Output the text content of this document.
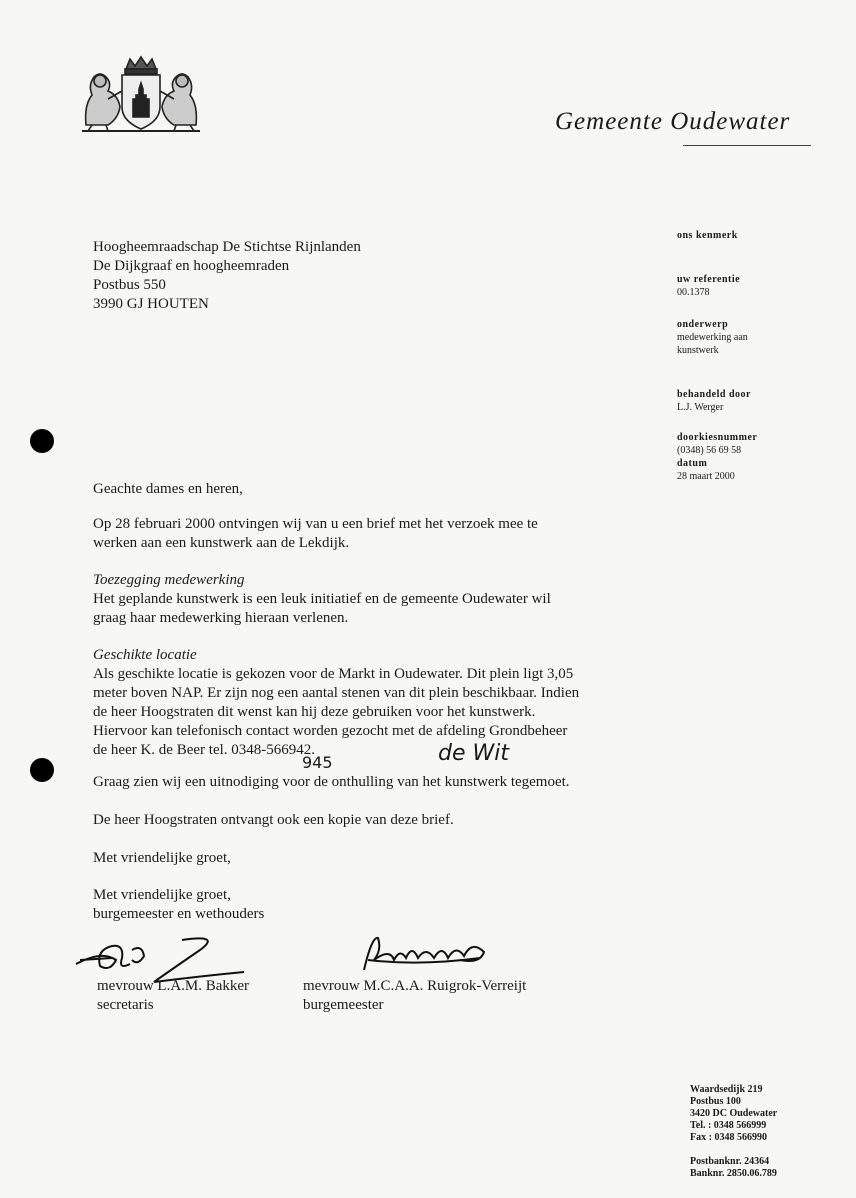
Gemeente Oudewater
Hoogheemraadschap De Stichtse Rijnlanden
De Dijkgraaf en hoogheemraden
Postbus 550
3990 GJ HOUTEN
ons kenmerk
uw referentie
00.1378
onderwerp
medewerking aan
kunstwerk
behandeld door
L.J. Werger
doorkiesnummer
(0348) 56 69 58
datum
28 maart 2000
Geachte dames en heren,
Op 28 februari 2000 ontvingen wij van u een brief met het verzoek mee te
werken aan een kunstwerk aan de Lekdijk.
Toezegging medewerking
Het geplande kunstwerk is een leuk initiatief en de gemeente Oudewater wil
graag haar medewerking hieraan verlenen.
Geschikte locatie
Als geschikte locatie is gekozen voor de Markt in Oudewater. Dit plein ligt 3,05
meter boven NAP. Er zijn nog een aantal stenen van dit plein beschikbaar. Indien
de heer Hoogstraten dit wenst kan hij deze gebruiken voor het kunstwerk.
Hiervoor kan telefonisch contact worden gezocht met de afdeling Grondbeheer
de heer K. de Beer tel. 0348-566942.
945	de Wit
Graag zien wij een uitnodiging voor de onthulling van het kunstwerk tegemoet.
De heer Hoogstraten ontvangt ook een kopie van deze brief.
Met vriendelijke groet,
Met vriendelijke groet,
burgemeester en wethouders
mevrouw L.A.M. Bakker
secretaris
mevrouw M.C.A.A. Ruigrok-Verreijt
burgemeester
Waardsedijk 219
Postbus 100
3420 DC Oudewater
Tel. : 0348 566999
Fax : 0348 566990
Postbanknr. 24364
Banknr. 2850.06.789
